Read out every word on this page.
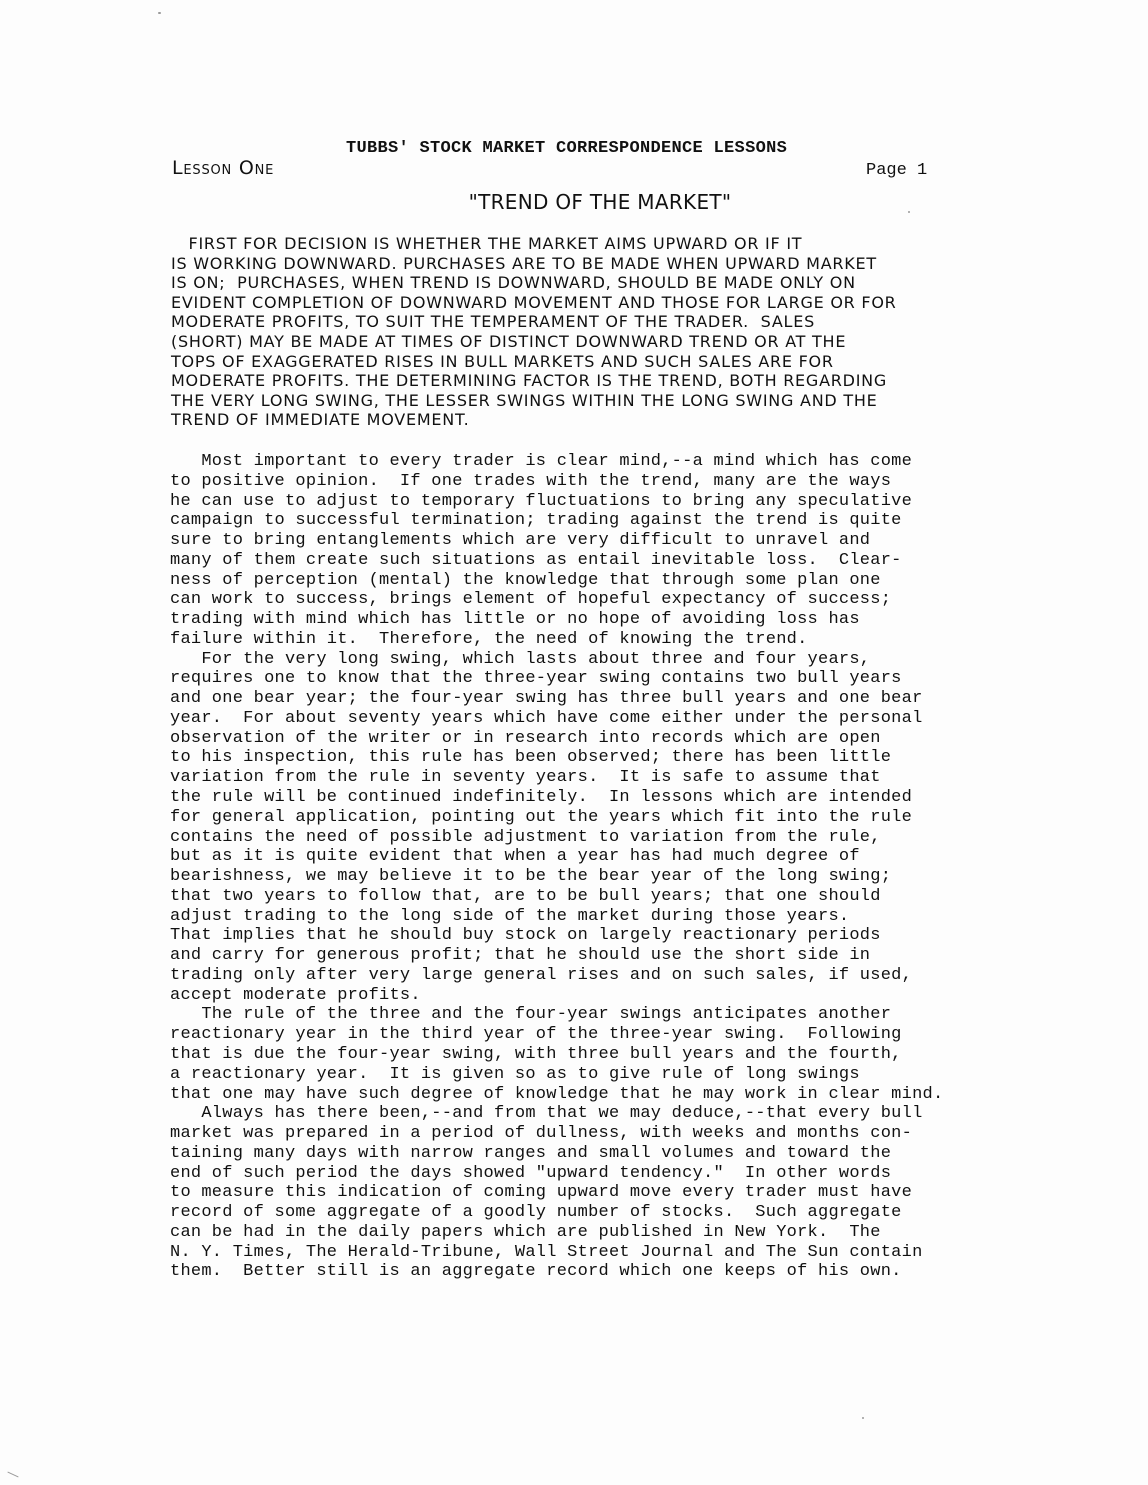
TUBBS' STOCK MARKET CORRESPONDENCE LESSONS
Lesson One	Page 1
"TREND OF THE MARKET"
FIRST FOR DECISION IS WHETHER THE MARKET AIMS UPWARD OR IF IT
IS WORKING DOWNWARD. PURCHASES ARE TO BE MADE WHEN UPWARD MARKET
IS ON;  PURCHASES, WHEN TREND IS DOWNWARD, SHOULD BE MADE ONLY ON
EVIDENT COMPLETION OF DOWNWARD MOVEMENT AND THOSE FOR LARGE OR FOR
MODERATE PROFITS, TO SUIT THE TEMPERAMENT OF THE TRADER.  SALES
(SHORT) MAY BE MADE AT TIMES OF DISTINCT DOWNWARD TREND OR AT THE
TOPS OF EXAGGERATED RISES IN BULL MARKETS AND SUCH SALES ARE FOR
MODERATE PROFITS. THE DETERMINING FACTOR IS THE TREND, BOTH REGARDING
THE VERY LONG SWING, THE LESSER SWINGS WITHIN THE LONG SWING AND THE
TREND OF IMMEDIATE MOVEMENT.
Most important to every trader is clear mind,--a mind which has come
to positive opinion.  If one trades with the trend, many are the ways
he can use to adjust to temporary fluctuations to bring any speculative
campaign to successful termination; trading against the trend is quite
sure to bring entanglements which are very difficult to unravel and
many of them create such situations as entail inevitable loss.  Clear-
ness of perception (mental) the knowledge that through some plan one
can work to success, brings element of hopeful expectancy of success;
trading with mind which has little or no hope of avoiding loss has
failure within it.  Therefore, the need of knowing the trend.
For the very long swing, which lasts about three and four years,
requires one to know that the three-year swing contains two bull years
and one bear year; the four-year swing has three bull years and one bear
year.  For about seventy years which have come either under the personal
observation of the writer or in research into records which are open
to his inspection, this rule has been observed; there has been little
variation from the rule in seventy years.  It is safe to assume that
the rule will be continued indefinitely.  In lessons which are intended
for general application, pointing out the years which fit into the rule
contains the need of possible adjustment to variation from the rule,
but as it is quite evident that when a year has had much degree of
bearishness, we may believe it to be the bear year of the long swing;
that two years to follow that, are to be bull years; that one should
adjust trading to the long side of the market during those years.
That implies that he should buy stock on largely reactionary periods
and carry for generous profit; that he should use the short side in
trading only after very large general rises and on such sales, if used,
accept moderate profits.
The rule of the three and the four-year swings anticipates another
reactionary year in the third year of the three-year swing.  Following
that is due the four-year swing, with three bull years and the fourth,
a reactionary year.  It is given so as to give rule of long swings
that one may have such degree of knowledge that he may work in clear mind.
Always has there been,--and from that we may deduce,--that every bull
market was prepared in a period of dullness, with weeks and months con-
taining many days with narrow ranges and small volumes and toward the
end of such period the days showed "upward tendency."  In other words
to measure this indication of coming upward move every trader must have
record of some aggregate of a goodly number of stocks.  Such aggregate
can be had in the daily papers which are published in New York.  The
N. Y. Times, The Herald-Tribune, Wall Street Journal and The Sun contain
them.  Better still is an aggregate record which one keeps of his own.
